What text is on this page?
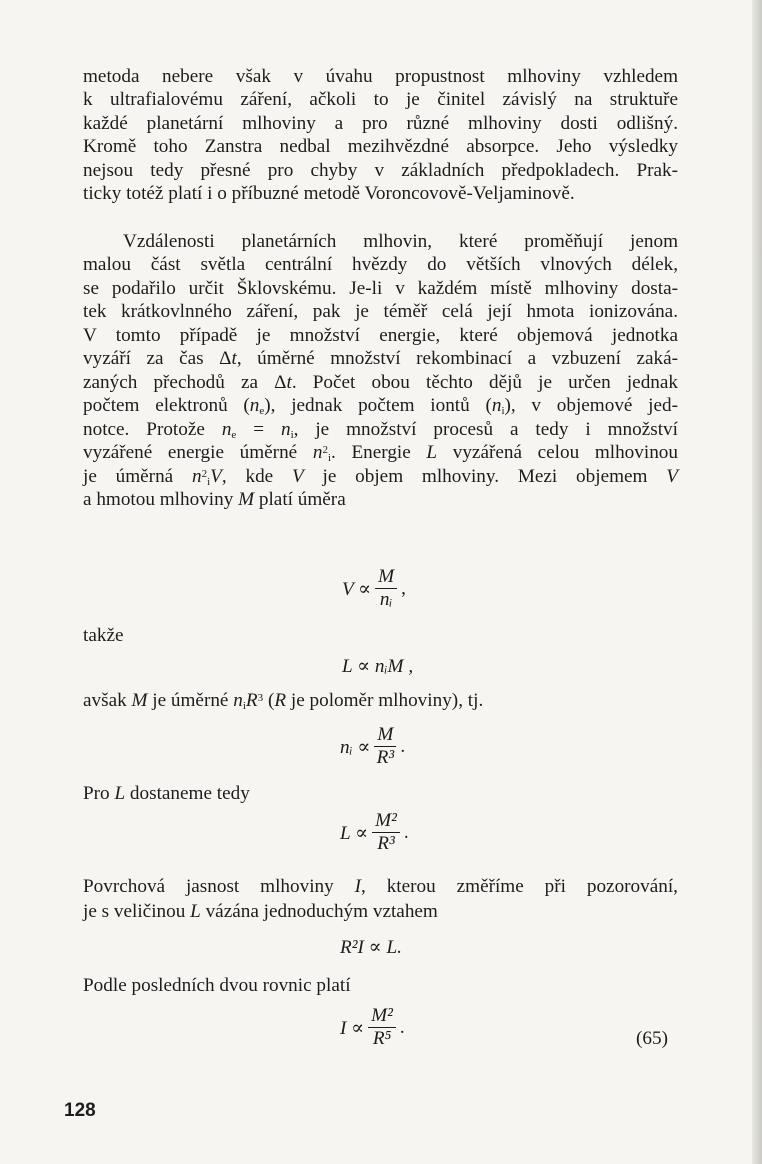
metoda nebere však v úvahu propustnost mlhoviny vzhledem
k ultrafialovému záření, ačkoli to je činitel závislý na struktuře
každé planetární mlhoviny a pro různé mlhoviny dosti odlišný.
Kromě toho Zanstra nedbal mezihvězdné absorpce. Jeho výsledky
nejsou tedy přesné pro chyby v základních předpokladech. Prak-
ticky totéž platí i o příbuzné metodě Voroncovově-Veljaminově.
Vzdálenosti planetárních mlhovin, které proměňují jenom
malou část světla centrální hvězdy do větších vlnových délek,
se podařilo určit Šklovskému. Je-li v každém místě mlhoviny dosta-
tek krátkovlnného záření, pak je téměř celá její hmota ionizována.
V tomto případě je množství energie, které objemová jednotka
vyzáří za čas Δt, úměrné množství rekombinací a vzbuzení zaká-
zaných přechodů za Δt. Počet obou těchto dějů je určen jednak
počtem elektronů $(n_e)$, jednak počtem iontů $(n_i)$, v objemové jed-
notce. Protože $n_e = n_i$, je množství procesů a tedy i množství
vyzářené energie úměrné $n^2_i$. Energie L vyzářená celou mlhovinou
je úměrná $n^2_iV$, kde V je objem mlhoviny. Mezi objemem V
a hmotou mlhoviny M platí úměra
$V \propto \frac{M}{\text{nᵢ}}$ ,
takže
L ∝ nᵢM ,
avšak M je úměrné $n_iR^3$ (R je poloměr mlhoviny), tj.
nᵢ ∝ $\frac{M}{\text{R³}}$ .
Pro L dostaneme tedy
$L \propto \frac{\text{M²}}{\text{R³}}$ .
Povrchová jasnost mlhoviny I, kterou změříme při pozorování,
je s veličinou L vázána jednoduchým vztahem
R²I ∝ L.
Podle posledních dvou rovnic platí
$I \propto \frac{\text{M²}}{\text{R⁵}}$ .
(65)
128
